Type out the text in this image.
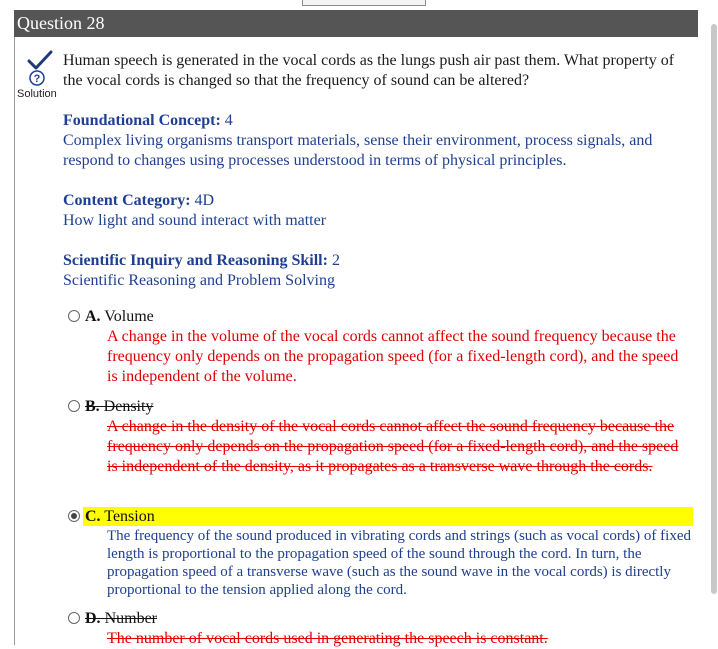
Question 28
?
Solution
Human speech is generated in the vocal cords as the lungs push air past them. What property of the vocal cords is changed so that the frequency of sound can be altered?
Foundational Concept: 4
Complex living organisms transport materials, sense their environment, process signals, and respond to changes using processes understood in terms of physical principles.
Content Category: 4D
How light and sound interact with matter
Scientific Inquiry and Reasoning Skill: 2
Scientific Reasoning and Problem Solving
A. Volume
A change in the volume of the vocal cords cannot affect the sound frequency because the frequency only depends on the propagation speed (for a fixed-length cord), and the speed is independent of the volume.
B. Density
A change in the density of the vocal cords cannot affect the sound frequency because the frequency only depends on the propagation speed (for a fixed-length cord), and the speed is independent of the density, as it propagates as a transverse wave through the cords.
C. Tension
The frequency of the sound produced in vibrating cords and strings (such as vocal cords) of fixed length is proportional to the propagation speed of the sound through the cord. In turn, the propagation speed of a transverse wave (such as the sound wave in the vocal cords) is directly proportional to the tension applied along the cord.
D. Number
The number of vocal cords used in generating the speech is constant.
